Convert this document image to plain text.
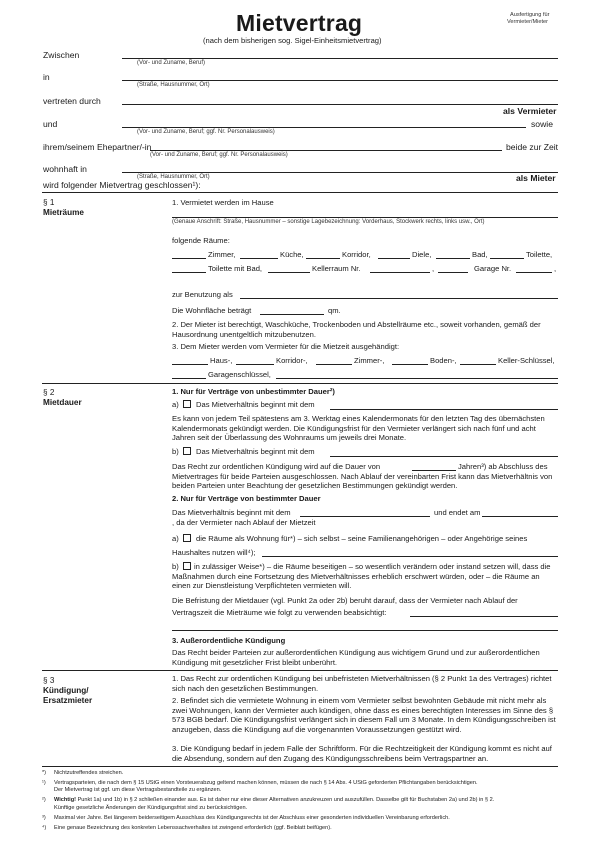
Mietvertrag
(nach dem bisherigen sog. Sigel-Einheitsmietvertrag)
Ausfertigung für
Vermieter/Mieter
Zwischen
(Vor- und Zuname, Beruf)
in
(Straße, Hausnummer, Ort)
vertreten durch
als Vermieter
und	sowie
(Vor- und Zuname, Beruf; ggf. Nr. Personalausweis)
ihrem/seinem Ehepartner/-in	beide zur Zeit
(Vor- und Zuname, Beruf; ggf. Nr. Personalausweis)
wohnhaft in
(Straße, Hausnummer, Ort)	als Mieter
wird folgender Mietvertrag geschlossen¹):
§ 1
Mieträume
1. Vermietet werden im Hause
(Genaue Anschrift: Straße, Hausnummer – sonstige Lagebezeichnung: Vorderhaus, Stockwerk rechts, links usw., Ort)
folgende Räume:
Zimmer,	Küche,	Korridor,	Diele,	Bad,	Toilette,
Toilette mit Bad,	Kellerraum Nr.	,	Garage Nr.	,
zur Benutzung als
Die Wohnfläche beträgt	qm.
2. Der Mieter ist berechtigt, Waschküche, Trockenboden und Abstellräume etc., soweit vorhanden, gemäß der Hausordnung unentgeltlich mitzubenutzen.
3. Dem Mieter werden vom Vermieter für die Mietzeit ausgehändigt:
Haus-,	Korridor-,	Zimmer-,	Boden-,	Keller-Schlüssel,
Garagenschlüssel,
§ 2
Mietdauer
1. Nur für Verträge von unbestimmter Dauer²)
a) Das Mietverhältnis beginnt mit dem
Es kann von jedem Teil spätestens am 3. Werktag eines Kalendermonats für den letzten Tag des übernächsten Kalendermonats gekündigt werden. Die Kündigungsfrist für den Vermieter verlängert sich nach fünf und acht Jahren seit der Überlassung des Wohnraums um jeweils drei Monate.
b) Das Mietverhältnis beginnt mit dem
Das Recht zur ordentlichen Kündigung wird auf die Dauer von	Jahren³) ab Abschluss des Mietvertrages für beide Parteien ausgeschlossen. Nach Ablauf der vereinbarten Frist kann das Mietverhältnis von beiden Parteien unter Beachtung der gesetzlichen Bestimmungen gekündigt werden.
2. Nur für Verträge von bestimmter Dauer
Das Mietverhältnis beginnt mit dem	und endet am
, da der Vermieter nach Ablauf der Mietzeit
a) die Räume als Wohnung für*) – sich selbst – seine Familienangehörigen – oder Angehörige seines
Haushaltes nutzen will⁴);
b)	in zulässiger Weise*) – die Räume beseitigen – so wesentlich verändern oder instand setzen will, dass die Maßnahmen durch eine Fortsetzung des Mietverhältnisses erheblich erschwert würden, oder – die Räume an einen zur Dienstleistung Verpflichteten vermieten will.
Die Befristung der Mietdauer (vgl. Punkt 2a oder 2b) beruht darauf, dass der Vermieter nach Ablauf der
Vertragszeit die Mieträume wie folgt zu verwenden beabsichtigt:
3. Außerordentliche Kündigung
Das Recht beider Parteien zur außerordentlichen Kündigung aus wichtigem Grund und zur außerordentlichen Kündigung mit gesetzlicher Frist bleibt unberührt.
§ 3
Kündigung/
Ersatzmieter
1. Das Recht zur ordentlichen Kündigung bei unbefristeten Mietverhältnissen (§ 2 Punkt 1a des Vertrages) richtet sich nach den gesetzlichen Bestimmungen.
2. Befindet sich die vermietete Wohnung in einem vom Vermieter selbst bewohnten Gebäude mit nicht mehr als zwei Wohnungen, kann der Vermieter auch kündigen, ohne dass es eines berechtigten Interesses im Sinne des § 573 BGB bedarf. Die Kündigungsfrist verlängert sich in diesem Fall um 3 Monate. In dem Kündigungsschreiben ist anzugeben, dass die Kündigung auf die vorgenannten Voraussetzungen gestützt wird.
3. Die Kündigung bedarf in jedem Falle der Schriftform. Für die Rechtzeitigkeit der Kündigung kommt es nicht auf die Absendung, sondern auf den Zugang des Kündigungsschreibens beim Vertragspartner an.
*) Nichtzutreffendes streichen.
¹) Vertragsparteien, die nach dem § 15 UStG einen Vorsteuerabzug geltend machen können, müssen die nach § 14 Abs. 4 UStG geforderten Pflichtangaben berücksichtigen.
Der Mietvertrag ist ggf. um diese Vertragsbestandteile zu ergänzen.
²) Wichtig! Punkt 1a) und 1b) in § 2 schließen einander aus. Es ist daher nur eine dieser Alternativen anzukreuzen und auszufüllen. Dasselbe gilt für Buchstaben 2a) und 2b) in § 2.
Künftige gesetzliche Änderungen der Kündigungsfrist sind zu berücksichtigen.
³) Maximal vier Jahre. Bei längerem beiderseitigem Ausschluss des Kündigungsrechts ist der Abschluss einer gesonderten individuellen Vereinbarung erforderlich.
⁴) Eine genaue Bezeichnung des konkreten Lebenssachverhaltes ist zwingend erforderlich (ggf. Beiblatt beifügen).
